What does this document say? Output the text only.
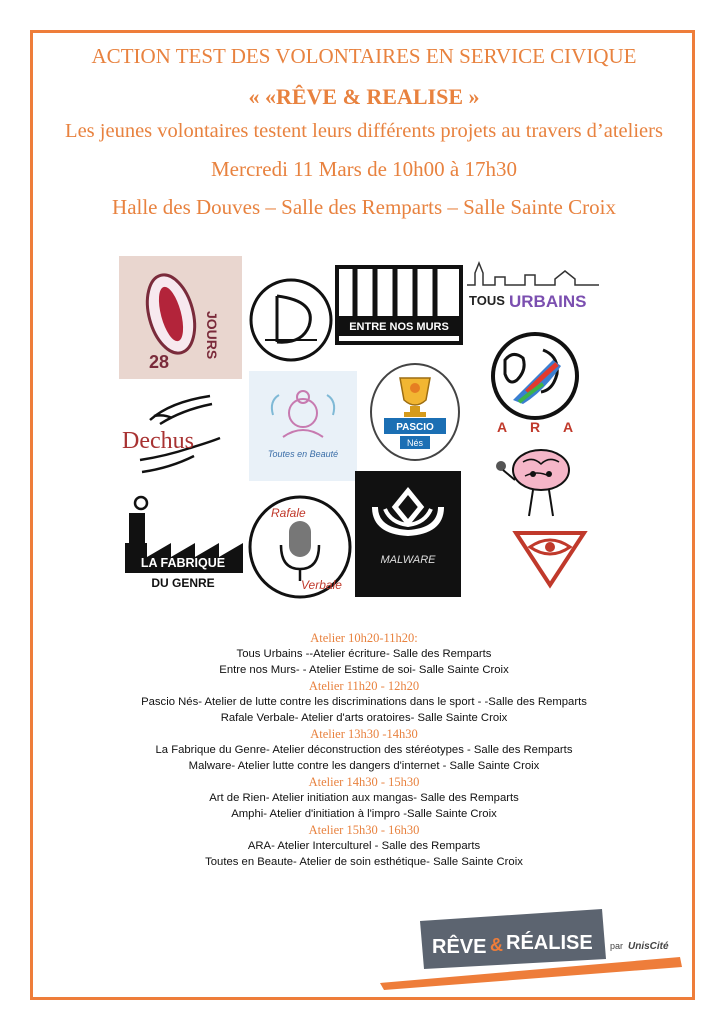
ACTION TEST DES VOLONTAIRES EN SERVICE CIVIQUE
« «RÊVE & REALISE »
Les jeunes volontaires testent leurs différents projets au travers d’ateliers
Mercredi 11 Mars de 10h00 à 17h30
Halle des Douves – Salle des Remparts – Salle Sainte Croix
JOURS
28
ENTRE NOS MURS
TOUS URBAINS
A R A
Dechus	Toutes en Beauté
PASCIO
Nés
LA FABRIQUE
DU GENRE
Rafale
Verbale
MALWARE
Atelier 10h20-11h20:
Tous Urbains --Atelier écriture- Salle des Remparts
Entre nos Murs- - Atelier Estime de soi- Salle Sainte Croix
Atelier 11h20 - 12h20
Pascio Nés- Atelier de lutte contre les discriminations dans le sport - -Salle des Remparts
Rafale Verbale- Atelier d'arts oratoires- Salle Sainte Croix
Atelier 13h30 -14h30
La Fabrique du Genre- Atelier déconstruction des stéréotypes - Salle des Remparts
Malware- Atelier lutte contre les dangers d'internet - Salle Sainte Croix
Atelier 14h30 - 15h30
Art de Rien- Atelier initiation aux mangas- Salle des Remparts
Amphi- Atelier d'initiation à l'impro -Salle Sainte Croix
Atelier 15h30 - 16h30
ARA- Atelier Interculturel - Salle des Remparts
Toutes en Beaute- Atelier de soin esthétique- Salle Sainte Croix
RÊVE & RÉALISE par UnisCité
